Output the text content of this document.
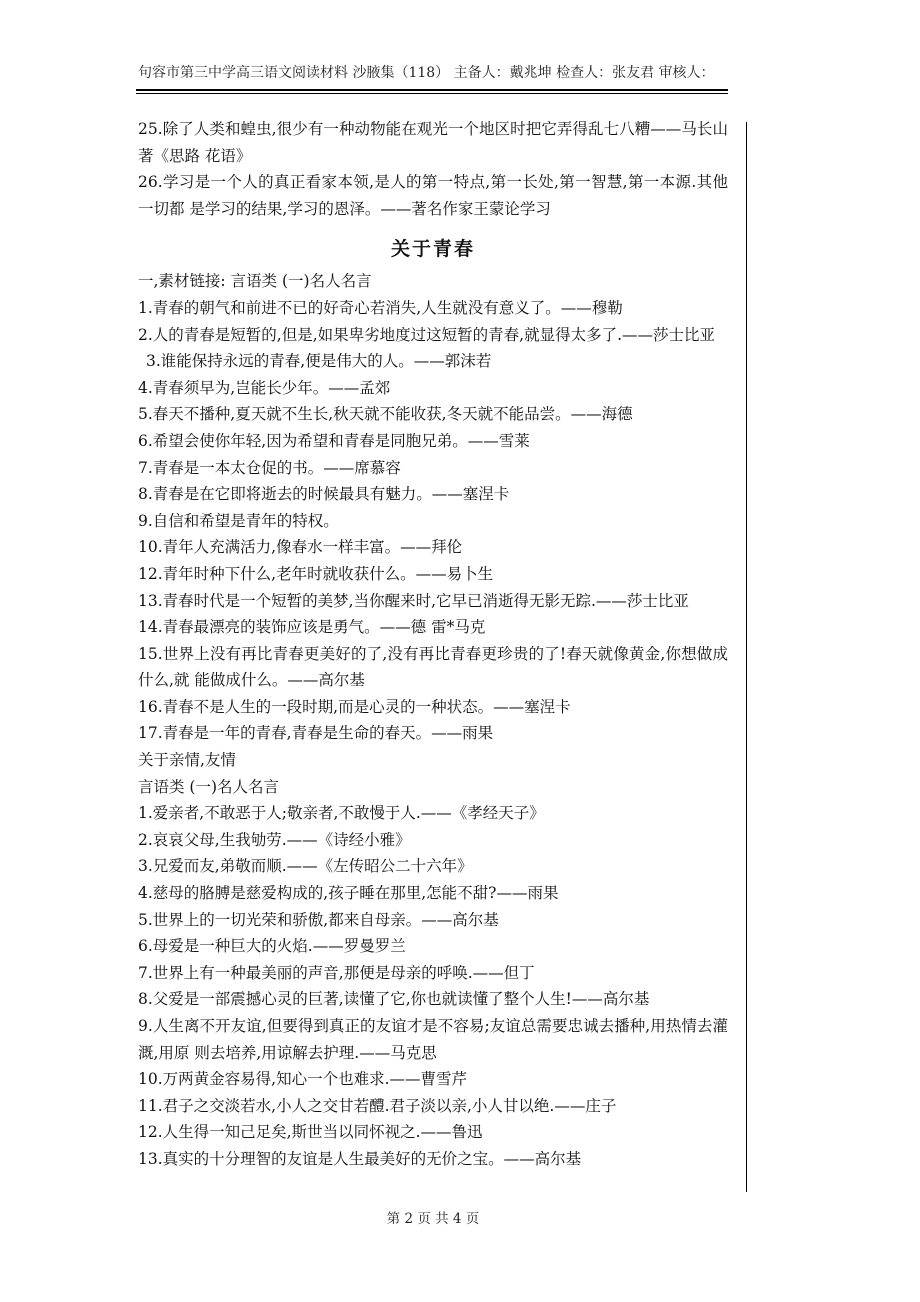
句容市第三中学高三语文阅读材料 沙腋集（118） 主备人：戴兆坤 检查人：张友君 审核人：

25.除了人类和蝗虫,很少有一种动物能在观光一个地区时把它弄得乱七八糟——马长山著《思路 花语》

26.学习是一个人的真正看家本领,是人的第一特点,第一长处,第一智慧,第一本源.其他一切都 是学习的结果,学习的恩泽。——著名作家王蒙论学习

关于青春

一,素材链接: 言语类 (一)名人名言

1.青春的朝气和前进不已的好奇心若消失,人生就没有意义了。——穆勒

2.人的青春是短暂的,但是,如果卑劣地度过这短暂的青春,就显得太多了.——莎士比亚

3.谁能保持永远的青春,便是伟大的人。——郭沫若

4.青春须早为,岂能长少年。——孟郊

5.春天不播种,夏天就不生长,秋天就不能收获,冬天就不能品尝。——海德

6.希望会使你年轻,因为希望和青春是同胞兄弟。——雪莱

7.青春是一本太仓促的书。——席慕容

8.青春是在它即将逝去的时候最具有魅力。——塞涅卡

9.自信和希望是青年的特权。

10.青年人充满活力,像春水一样丰富。——拜伦

12.青年时种下什么,老年时就收获什么。——易卜生

13.青春时代是一个短暂的美梦,当你醒来时,它早已消逝得无影无踪.——莎士比亚

14.青春最漂亮的装饰应该是勇气。——德 雷*马克

15.世界上没有再比青春更美好的了,没有再比青春更珍贵的了!春天就像黄金,你想做成什么,就 能做成什么。——高尔基

16.青春不是人生的一段时期,而是心灵的一种状态。——塞涅卡

17.青春是一年的青春,青春是生命的春天。——雨果

关于亲情,友情

言语类 (一)名人名言

1.爱亲者,不敢恶于人;敬亲者,不敢慢于人.——《孝经天子》

2.哀哀父母,生我劬劳.——《诗经小雅》

3.兄爱而友,弟敬而顺.——《左传昭公二十六年》

4.慈母的胳膊是慈爱构成的,孩子睡在那里,怎能不甜?——雨果

5.世界上的一切光荣和骄傲,都来自母亲。——高尔基

6.母爱是一种巨大的火焰.——罗曼罗兰

7.世界上有一种最美丽的声音,那便是母亲的呼唤.——但丁

8.父爱是一部震撼心灵的巨著,读懂了它,你也就读懂了整个人生!——高尔基

9.人生离不开友谊,但要得到真正的友谊才是不容易;友谊总需要忠诚去播种,用热情去灌溉,用原 则去培养,用谅解去护理.——马克思

10.万两黄金容易得,知心一个也难求.——曹雪芹

11.君子之交淡若水,小人之交甘若醴.君子淡以亲,小人甘以绝.——庄子

12.人生得一知己足矣,斯世当以同怀视之.——鲁迅

13.真实的十分理智的友谊是人生最美好的无价之宝。——高尔基

第 2 页 共 4 页
